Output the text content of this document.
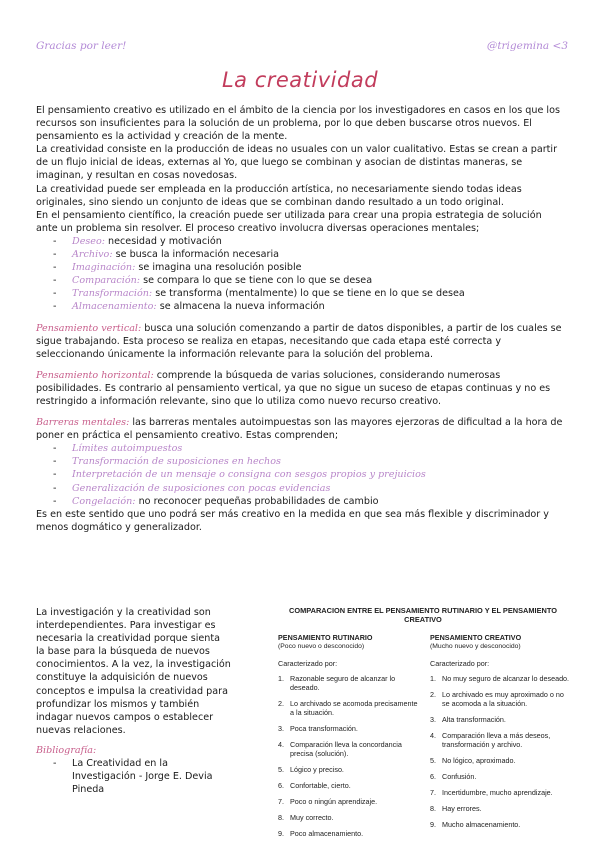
Gracias por leer!	@trigemina <3
La creatividad

El pensamiento creativo es utilizado en el ámbito de la ciencia por los investigadores en casos en los que los recursos son insuficientes para la solución de un problema, por lo que deben buscarse otros nuevos. El pensamiento es la actividad y creación de la mente.

La creatividad consiste en la producción de ideas no usuales con un valor cualitativo. Estas se crean a partir de un flujo inicial de ideas, externas al Yo, que luego se combinan y asocian de distintas maneras, se imaginan, y resultan en cosas novedosas.

La creatividad puede ser empleada en la producción artística, no necesariamente siendo todas ideas originales, sino siendo un conjunto de ideas que se combinan dando resultado a un todo original.

En el pensamiento científico, la creación puede ser utilizada para crear una propia estrategia de solución ante un problema sin resolver. El proceso creativo involucra diversas operaciones mentales;

- Deseo: necesidad y motivación
- Archivo: se busca la información necesaria
- Imaginación: se imagina una resolución posible
- Comparación: se compara lo que se tiene con lo que se desea
- Transformación: se transforma (mentalmente) lo que se tiene en lo que se desea
- Almacenamiento: se almacena la nueva información

Pensamiento vertical: busca una solución comenzando a partir de datos disponibles, a partir de los cuales se sigue trabajando. Esta proceso se realiza en etapas, necesitando que cada etapa esté correcta y seleccionando únicamente la información relevante para la solución del problema.

Pensamiento horizontal: comprende la búsqueda de varias soluciones, considerando numerosas posibilidades. Es contrario al pensamiento vertical, ya que no sigue un suceso de etapas continuas y no es restringido a información relevante, sino que lo utiliza como nuevo recurso creativo.

Barreras mentales: las barreras mentales autoimpuestas son las mayores ejerzoras de dificultad a la hora de poner en práctica el pensamiento creativo. Estas comprenden;

- Límites autoimpuestos
- Transformación de suposiciones en hechos
- Interpretación de un mensaje o consigna con sesgos propios y prejuicios
- Generalización de suposiciones con pocas evidencias
- Congelación: no reconocer pequeñas probabilidades de cambio

Es en este sentido que uno podrá ser más creativo en la medida en que sea más flexible y discriminador y menos dogmático y generalizador.

La investigación y la creatividad son interdependientes. Para investigar es necesaria la creatividad porque sienta la base para la búsqueda de nuevos conocimientos. A la vez, la investigación constituye la adquisición de nuevos conceptos e impulsa la creatividad para profundizar los mismos y también indagar nuevos campos o establecer nuevas relaciones.

Bibliografía:

- La Creatividad en la Investigación - Jorge E. Devia Pineda

COMPARACION ENTRE EL PENSAMIENTO RUTINARIO Y EL PENSAMIENTO CREATIVO

PENSAMIENTO RUTINARIO
(Poco nuevo o desconocido)
Caracterizado por:
1. Razonable seguro de alcanzar lo deseado.
2. Lo archivado se acomoda precisamente a la situación.
3. Poca transformación.
4. Comparación lleva la concordancia precisa (solución).
5. Lógico y preciso.
6. Confortable, cierto.
7. Poco o ningún aprendizaje.
8. Muy correcto.
9. Poco almacenamiento.
PENSAMIENTO CREATIVO
(Mucho nuevo y desconocido)
Caracterizado por:
1. No muy seguro de alcanzar lo deseado.
2. Lo archivado es muy aproximado o no se acomoda a la situación.
3. Alta transformación.
4. Comparación lleva a más deseos, transformación y archivo.
5. No lógico, aproximado.
6. Confusión.
7. Incertidumbre, mucho aprendizaje.
8. Hay errores.
9. Mucho almacenamiento.
